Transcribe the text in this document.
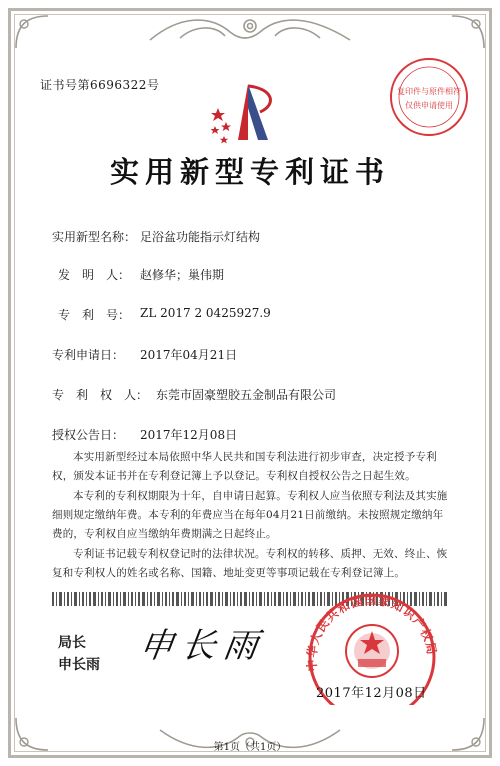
证书号第6696322号	复印件与原件相符
仅供申请使用
实用新型专利证书
实用新型名称： 足浴盆功能指示灯结构
发　明　人： 赵修华；巢伟期
专　利　号： ZL 2017 2 0425927.9
专利申请日： 2017年04月21日
专　利　权　人： 东莞市固豪塑胶五金制品有限公司
授权公告日： 2017年12月08日
本实用新型经过本局依照中华人民共和国专利法进行初步审查，决定授予专利权，颁发本证书并在专利登记簿上予以登记。专利权自授权公告之日起生效。
本专利的专利权期限为十年，自申请日起算。专利权人应当依照专利法及其实施细则规定缴纳年费。本专利的年费应当在每年04月21日前缴纳。未按照规定缴纳年费的，专利权自应当缴纳年费期满之日起终止。
专利证书记载专利权登记时的法律状况。专利权的转移、质押、无效、终止、恢复和专利权人的姓名或名称、国籍、地址变更等事项记载在专利登记簿上。
局长
申长雨 申长雨	中华人民共和国国家知识产权局
2017年12月08日
第1页（共1页）
